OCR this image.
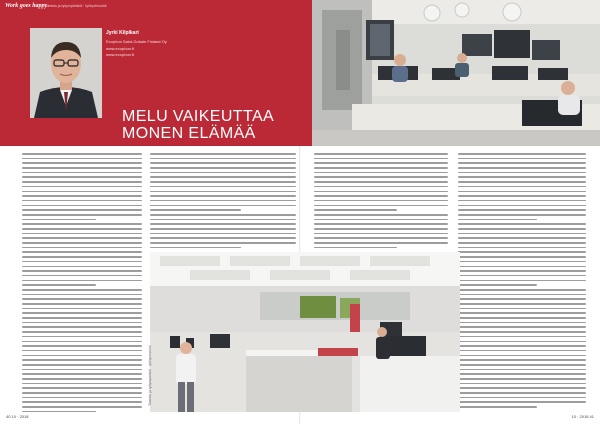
Work goes happy
Toimisto ja työympäristöt · työhyvinvointi
Jyrki Kilpikari
Ecophon Saint-Gobain Finland Oy
www.ecophon.fi
www.ecophon.fi
MELU VAIKEUTTAA
MONEN ELÄMÄÄ
Toimisto ja työympäristöt · työhyvinvointi
40 10 · 2018	10 · 2018 41
